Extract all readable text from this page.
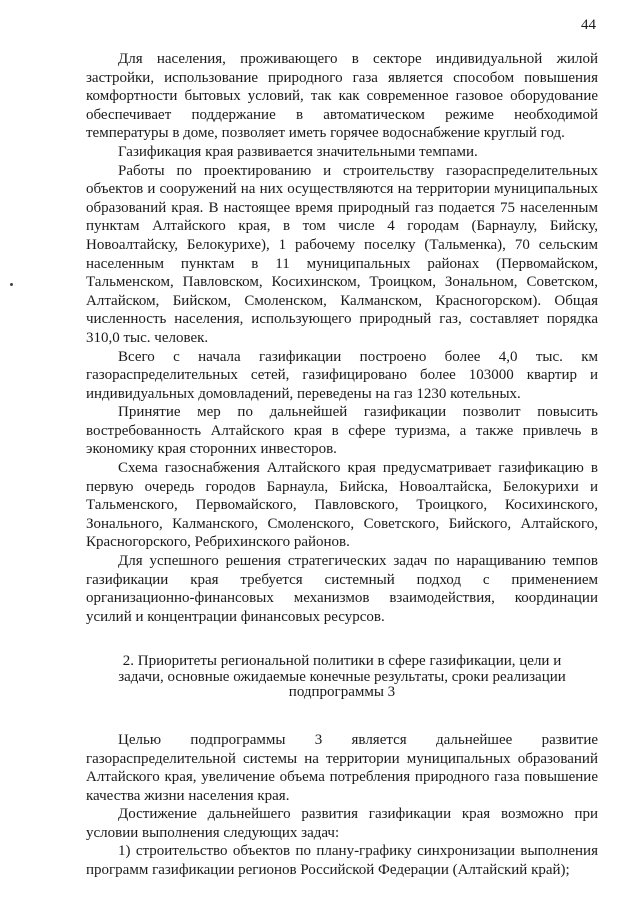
44

Для населения, проживающего в секторе индивидуальной жилой застройки, использование природного газа является способом повышения комфортности бытовых условий, так как современное газовое оборудование обеспечивает поддержание в автоматическом режиме необходимой температуры в доме, позволяет иметь горячее водоснабжение круглый год.

Газификация края развивается значительными темпами.

Работы по проектированию и строительству газораспределительных объектов и сооружений на них осуществляются на территории муниципальных образований края. В настоящее время природный газ подается 75 населенным пунктам Алтайского края, в том числе 4 городам (Барнаулу, Бийску, Новоалтайску, Белокурихе), 1 рабочему поселку (Тальменка), 70 сельским населенным пунктам в 11 муниципальных районах (Первомайском, Тальменском, Павловском, Косихинском, Троицком, Зональном, Советском, Алтайском, Бийском, Смоленском, Калманском, Красногорском). Общая численность населения, использующего природный газ, составляет порядка 310,0 тыс. человек.

Всего с начала газификации построено более 4,0 тыс. км газораспределительных сетей, газифицировано более 103000 квартир и индивидуальных домовладений, переведены на газ 1230 котельных.

Принятие мер по дальнейшей газификации позволит повысить востребованность Алтайского края в сфере туризма, а также привлечь в экономику края сторонних инвесторов.

Схема газоснабжения Алтайского края предусматривает газификацию в первую очередь городов Барнаула, Бийска, Новоалтайска, Белокурихи и Тальменского, Первомайского, Павловского, Троицкого, Косихинского, Зонального, Калманского, Смоленского, Советского, Бийского, Алтайского, Красногорского, Ребрихинского районов.

Для успешного решения стратегических задач по наращиванию темпов газификации края требуется системный подход с применением организационно-финансовых механизмов взаимодействия, координации усилий и концентрации финансовых ресурсов.

2. Приоритеты региональной политики в сфере газификации, цели и задачи, основные ожидаемые конечные результаты, сроки реализации подпрограммы 3

Целью подпрограммы 3 является дальнейшее развитие газораспределительной системы на территории муниципальных образований Алтайского края, увеличение объема потребления природного газа повышение качества жизни населения края.

Достижение дальнейшего развития газификации края возможно при условии выполнения следующих задач:

1) строительство объектов по плану-графику синхронизации выполнения программ газификации регионов Российской Федерации (Алтайский край);
